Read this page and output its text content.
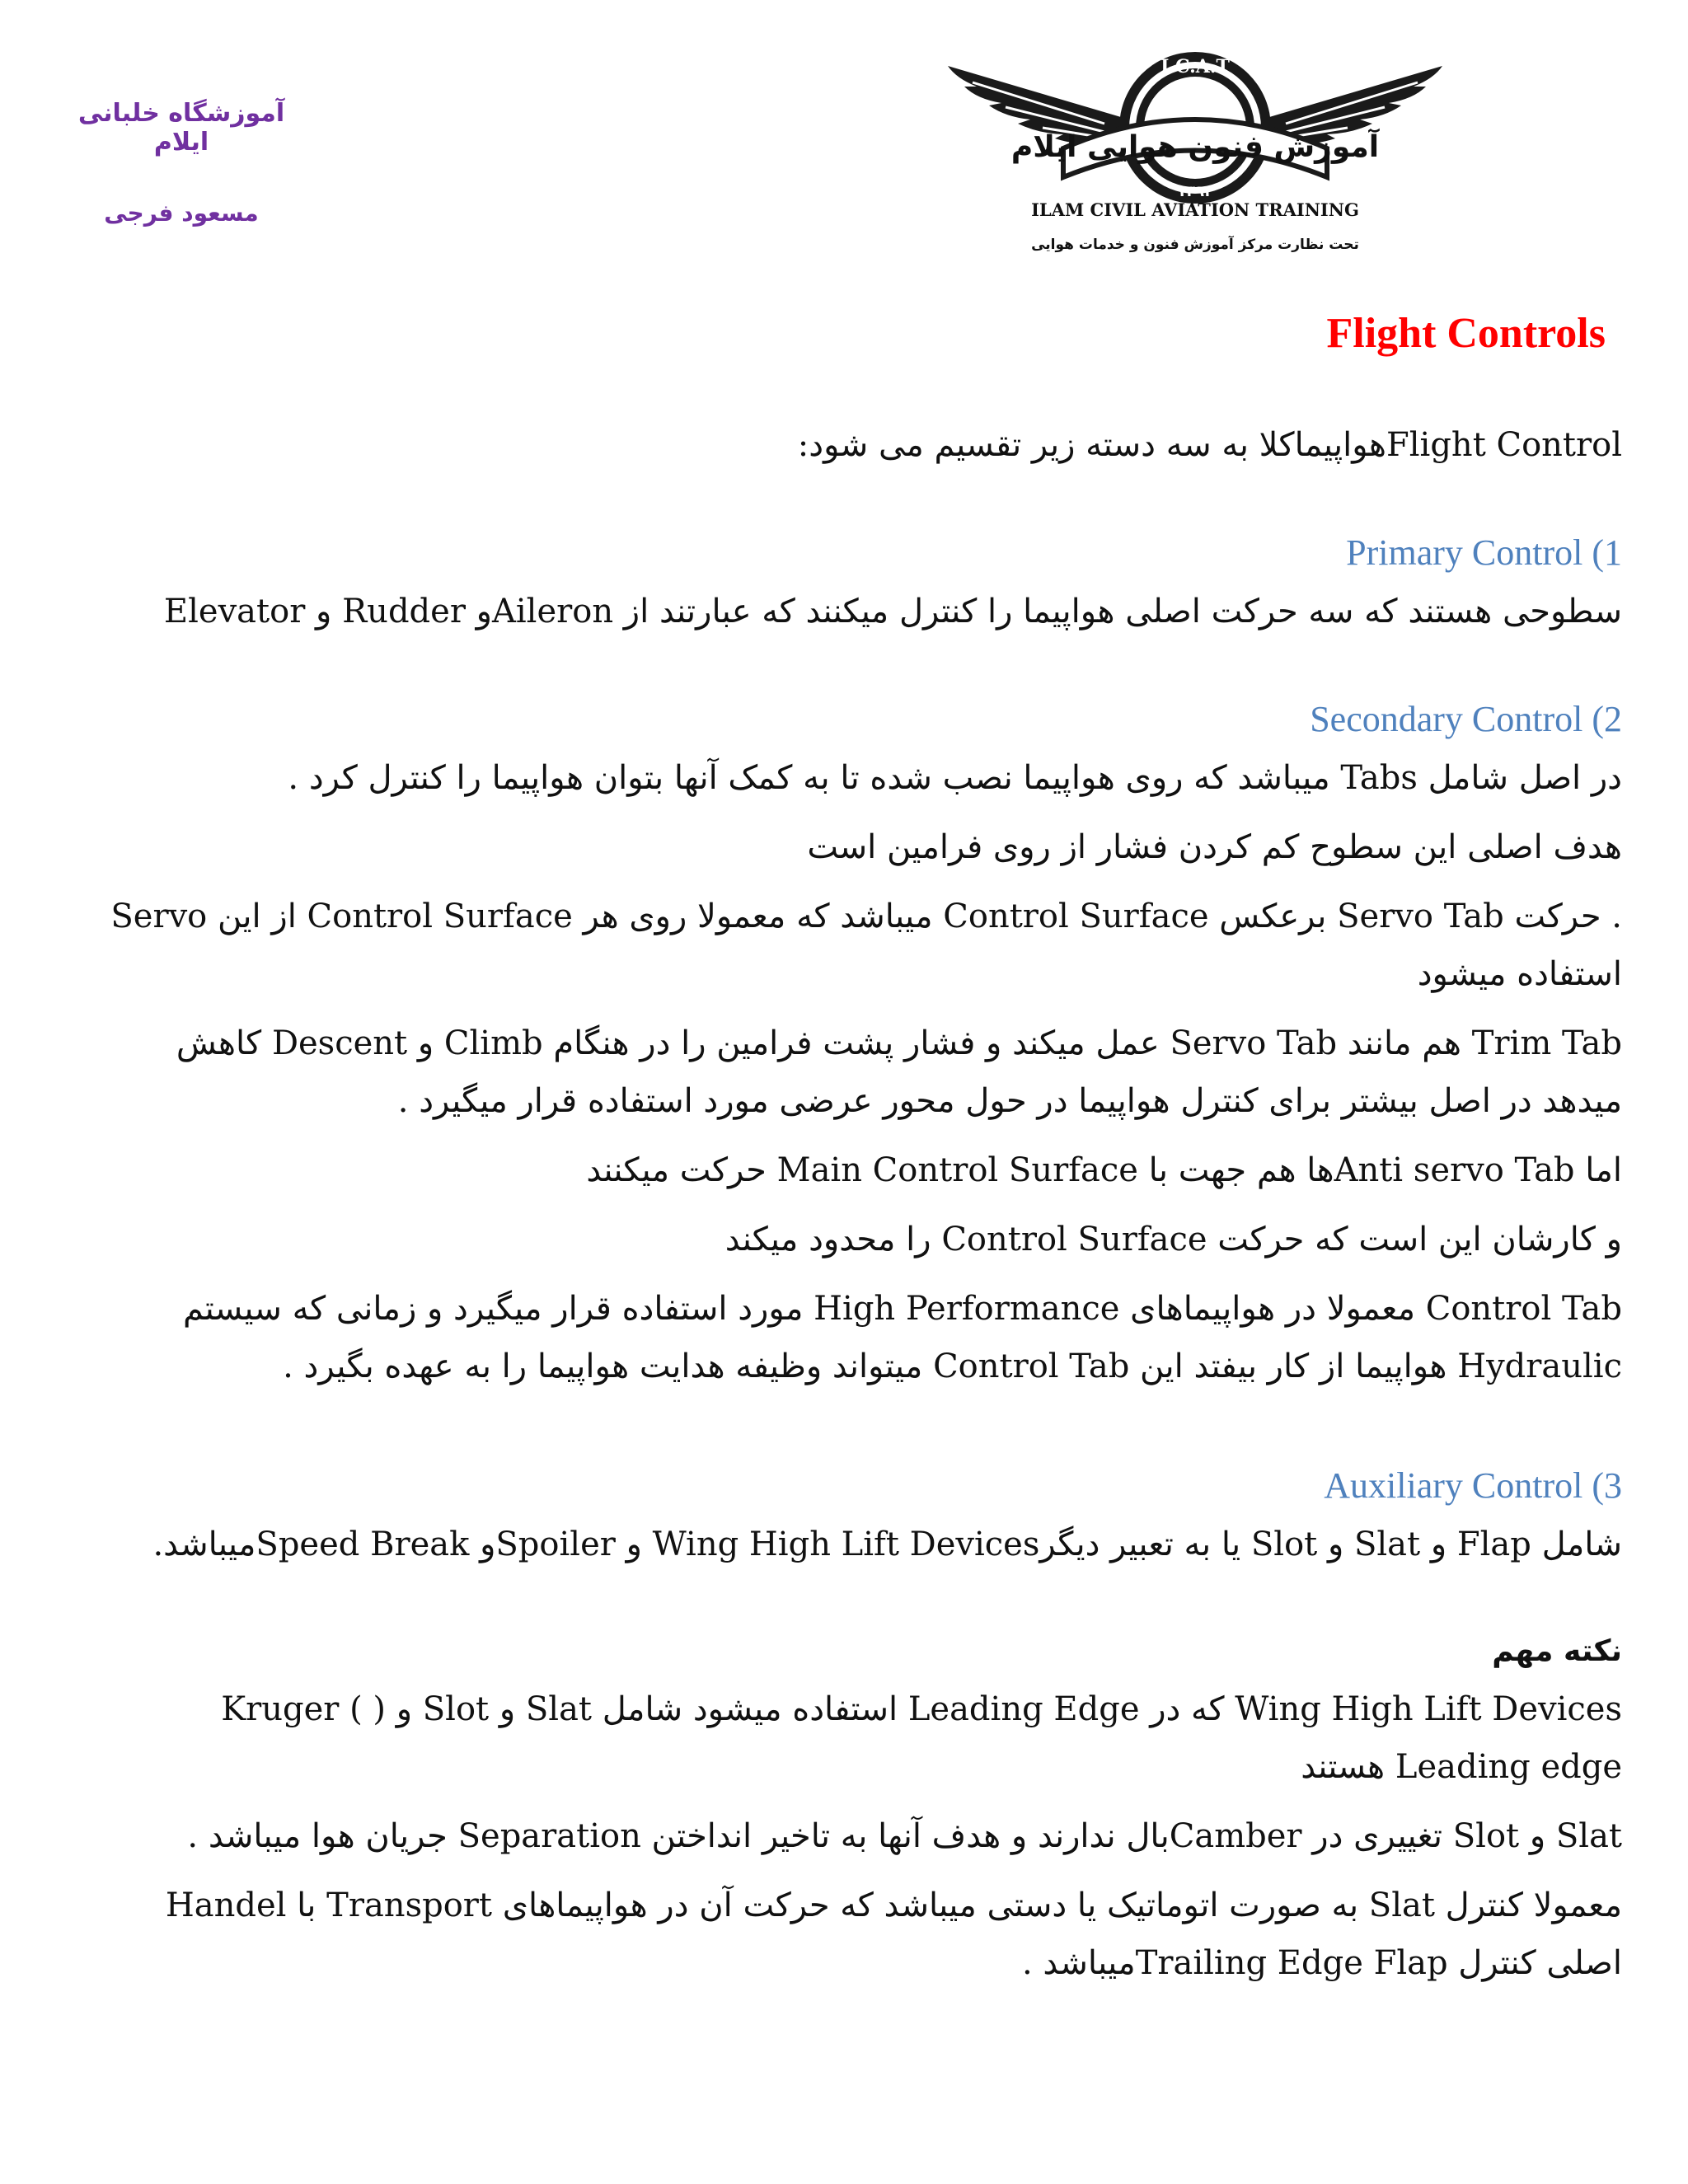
آموزشگاه خلبانی ایلام
مسعود فرجی
I.C.A.T
آموزش فنون هوایی ایلام
۱۳۹۲
ILAM CIVIL AVIATION TRAINING
تحت نظارت مرکز آموزش فنون و خدمات هوایی
Flight Controls

Flight Controlهواپیماکلا به سه دسته زیر تقسیم می شود:

Primary Control (1

سطوحی هستند که سه حرکت اصلی هواپیما را کنترل میکنند که عبارتند از Aileronو Rudder و Elevator

Secondary Control (2

در اصل شامل Tabs میباشد که روی هواپیما نصب شده تا به کمک آنها بتوان هواپیما را کنترل کرد .

هدف اصلی این سطوح کم کردن فشار از روی فرامین است

. حرکت Servo Tab برعکس Control Surface میباشد که معمولا روی هر Control Surface از این Servo استفاده میشود

Trim Tab هم مانند Servo Tab عمل میکند و فشار پشت فرامین را در هنگام Climb و Descent کاهش میدهد در اصل بیشتر برای کنترل هواپیما در حول محور عرضی مورد استفاده قرار میگیرد .

اما Anti servo Tabها هم جهت با Main Control Surface حرکت میکنند

و کارشان این است که حرکت Control Surface را محدود میکند

Control Tab معمولا در هواپیماهای High Performance مورد استفاده قرار میگیرد و زمانی که سیستم Hydraulic هواپیما از کار بیفتد این Control Tab میتواند وظیفه هدایت هواپیما را به عهده بگیرد .

Auxiliary Control (3

شامل Flap و Slat و Slot یا به تعبیر دیگرWing High Lift Devices و Spoilerو Speed Breakمیباشد.

نکته مهم

Wing High Lift Devices که در Leading Edge استفاده میشود شامل Slat و Slot و ( Kruger ( Leading edge هستند

Slat و Slot تغییری در Camberبال ندارند و هدف آنها به تاخیر انداختن Separation جریان هوا میباشد .

معمولا کنترل Slat به صورت اتوماتیک یا دستی میباشد که حرکت آن در هواپیماهای Transport با Handel اصلی کنترل Trailing Edge Flapمیباشد .
